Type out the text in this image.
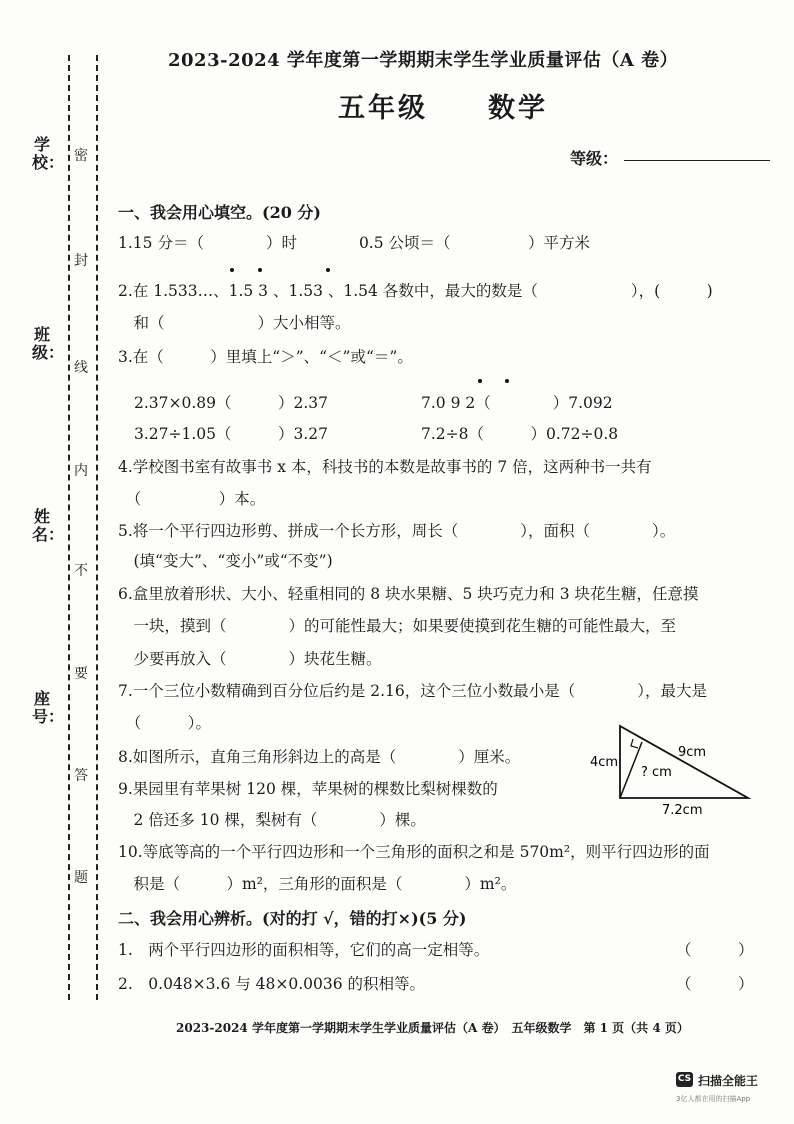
学校：
班级：
姓名：
座号：
密
封
线
内
不
要
答
题
2023-2024 学年度第一学期期末学生学业质量评估（A 卷）
五年级　　数学
等级：
一、我会用心填空。(20 分)
1.15 分＝（　　　　）时　　　　0.5 公顷＝（　　　　　）平方米
2.在 1.533…、1.5 3 、1.53 、1.54 各数中，最大的数是（　　　　　　），(　　　)
　和（　　　　　　）大小相等。
3.在（　　　）里填上“＞”、“＜”或“＝”。
2.37×0.89（　　　）2.37　　　　　　7.0 9 2（　　　　）7.092
3.27÷1.05（　　　）3.27　　　　　　7.2÷8（　　　）0.72÷0.8
4.学校图书室有故事书 x 本，科技书的本数是故事书的 7 倍，这两种书一共有
　（　　　　　）本。
5.将一个平行四边形剪、拼成一个长方形，周长（　　　　），面积（　　　　）。
　(填“变大”、“变小”或“不变”)
6.盒里放着形状、大小、轻重相同的 8 块水果糖、5 块巧克力和 3 块花生糖，任意摸
　一块，摸到（　　　　）的可能性最大；如果要使摸到花生糖的可能性最大，至
　少要再放入（　　　　）块花生糖。
7.一个三位小数精确到百分位后约是 2.16，这个三位小数最小是（　　　　），最大是
　（　　　）。
8.如图所示，直角三角形斜边上的高是（　　　　）厘米。
9.果园里有苹果树 120 棵，苹果树的棵数比梨树棵数的
　2 倍还多 10 棵，梨树有（　　　　）棵。
10.等底等高的一个平行四边形和一个三角形的面积之和是 570m²，则平行四边形的面
　积是（　　　）m²，三角形的面积是（　　　　）m²。
4cm
9cm
? cm
7.2cm
二、我会用心辨析。(对的打 √，错的打×)(5 分)
1.　两个平行四边形的面积相等，它们的高一定相等。	（　　　）
2.　0.048×3.6 与 48×0.0036 的积相等。	（　　　）
2023-2024 学年度第一学期期末学生学业质量评估（A 卷）　五年级数学　第 1 页（共 4 页）
CS 扫描全能王
3亿人都在用的扫描App
